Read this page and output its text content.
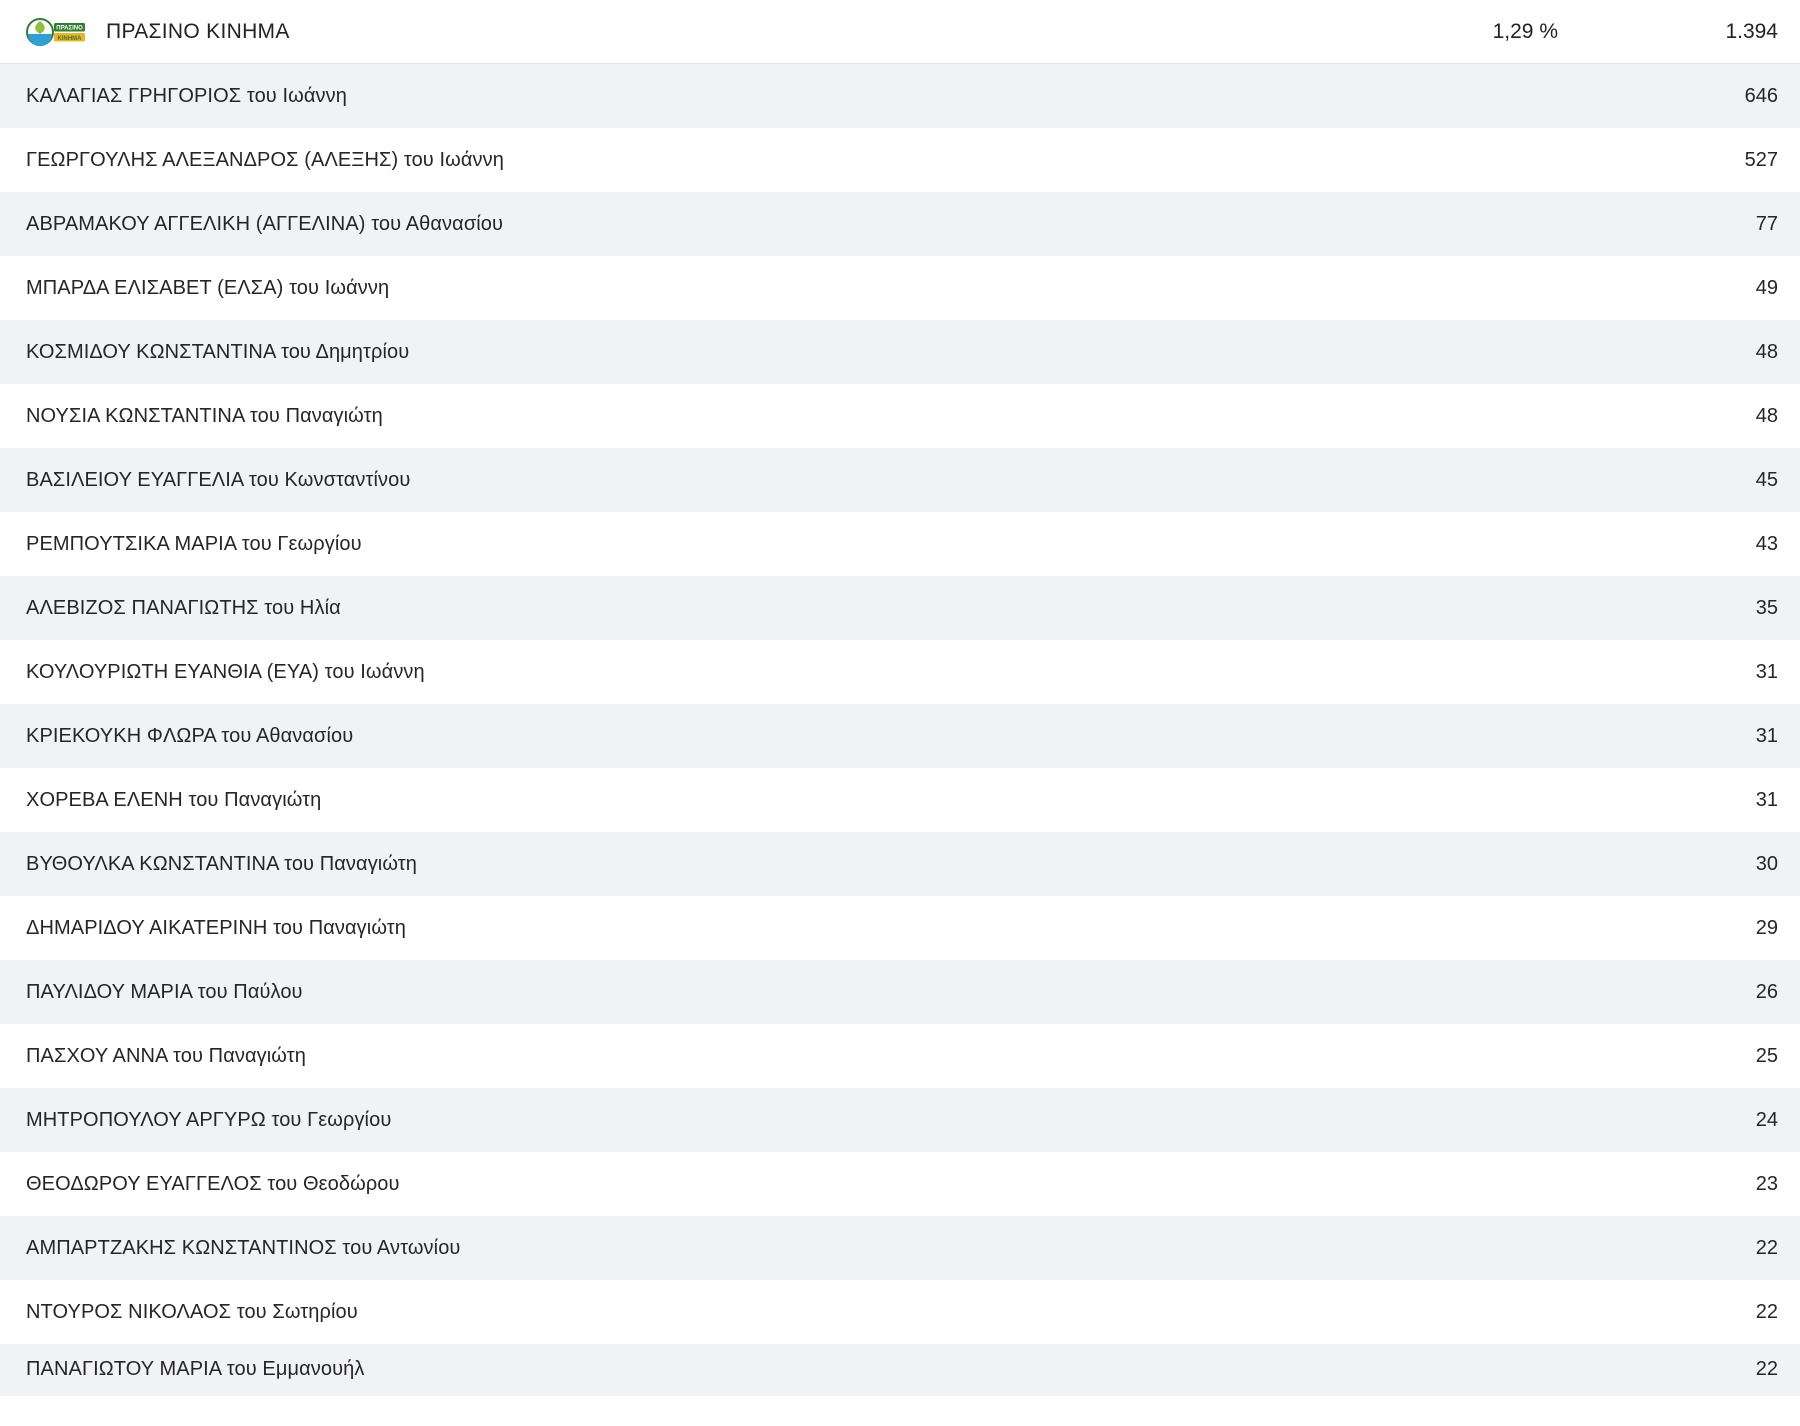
ΠΡΑΣΙΝΟ
ΚΙΝΗΜΑ ΠΡΑΣΙΝΟ ΚΙΝΗΜΑ	1,29 %	1.394
ΚΑΛΑΓΙΑΣ ΓΡΗΓΟΡΙΟΣ του Ιωάννη	646
ΓΕΩΡΓΟΥΛΗΣ ΑΛΕΞΑΝΔΡΟΣ (ΑΛΕΞΗΣ) του Ιωάννη	527
ΑΒΡΑΜΑΚΟΥ ΑΓΓΕΛΙΚΗ (ΑΓΓΕΛΙΝΑ) του Αθανασίου	77
ΜΠΑΡΔΑ ΕΛΙΣΑΒΕΤ (ΕΛΣΑ) του Ιωάννη	49
ΚΟΣΜΙΔΟΥ ΚΩΝΣΤΑΝΤΙΝΑ του Δημητρίου	48
ΝΟΥΣΙΑ ΚΩΝΣΤΑΝΤΙΝΑ του Παναγιώτη	48
ΒΑΣΙΛΕΙΟΥ ΕΥΑΓΓΕΛΙΑ του Κωνσταντίνου	45
ΡΕΜΠΟΥΤΣΙΚΑ ΜΑΡΙΑ του Γεωργίου	43
ΑΛΕΒΙΖΟΣ ΠΑΝΑΓΙΩΤΗΣ του Ηλία	35
ΚΟΥΛΟΥΡΙΩΤΗ ΕΥΑΝΘΙΑ (ΕΥΑ) του Ιωάννη	31
ΚΡΙΕΚΟΥΚΗ ΦΛΩΡΑ του Αθανασίου	31
ΧΟΡΕΒΑ ΕΛΕΝΗ του Παναγιώτη	31
ΒΥΘΟΥΛΚΑ ΚΩΝΣΤΑΝΤΙΝΑ του Παναγιώτη	30
ΔΗΜΑΡΙΔΟΥ ΑΙΚΑΤΕΡΙΝΗ του Παναγιώτη	29
ΠΑΥΛΙΔΟΥ ΜΑΡΙΑ του Παύλου	26
ΠΑΣΧΟΥ ΑΝΝΑ του Παναγιώτη	25
ΜΗΤΡΟΠΟΥΛΟΥ ΑΡΓΥΡΩ του Γεωργίου	24
ΘΕΟΔΩΡΟΥ ΕΥΑΓΓΕΛΟΣ του Θεοδώρου	23
ΑΜΠΑΡΤΖΑΚΗΣ ΚΩΝΣΤΑΝΤΙΝΟΣ του Αντωνίου	22
ΝΤΟΥΡΟΣ ΝΙΚΟΛΑΟΣ του Σωτηρίου	22
ΠΑΝΑΓΙΩΤΟΥ ΜΑΡΙΑ του Εμμανουήλ	22
